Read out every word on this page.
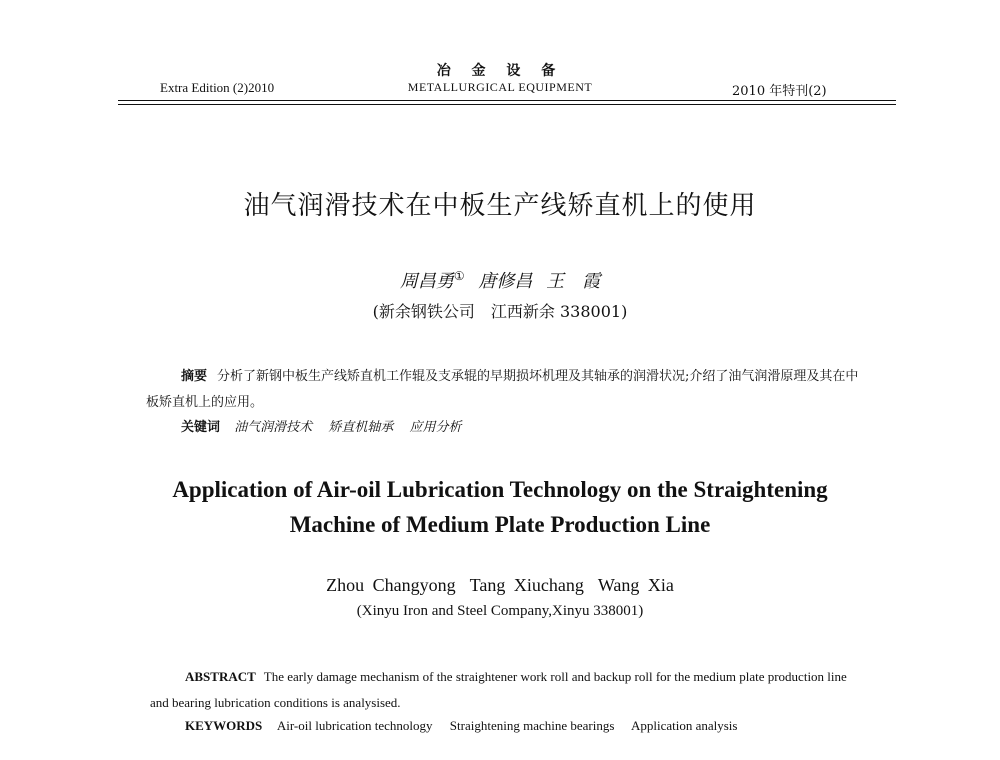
Extra Edition (2)2010
冶 金 设 备
METALLURGICAL EQUIPMENT	2010 年特刊(2)
油气润滑技术在中板生产线矫直机上的使用
周昌勇① 唐修昌 王　霞
(新余钢铁公司　江西新余 338001)
摘要 分析了新钢中板生产线矫直机工作辊及支承辊的早期损坏机理及其轴承的润滑状况;介绍了油气润滑原理及其在中板矫直机上的应用。
关键词 油气润滑技术 矫直机轴承 应用分析
Application of Air-oil Lubrication Technology on the Straightening
Machine of Medium Plate Production Line
Zhou Changyong Tang Xiuchang Wang Xia
(Xinyu Iron and Steel Company,Xinyu 338001)
ABSTRACT The early damage mechanism of the straightener work roll and backup roll for the medium plate production line and bearing lubrication conditions is analysised.
KEYWORDS Air-oil lubrication technology Straightening machine bearings Application analysis
